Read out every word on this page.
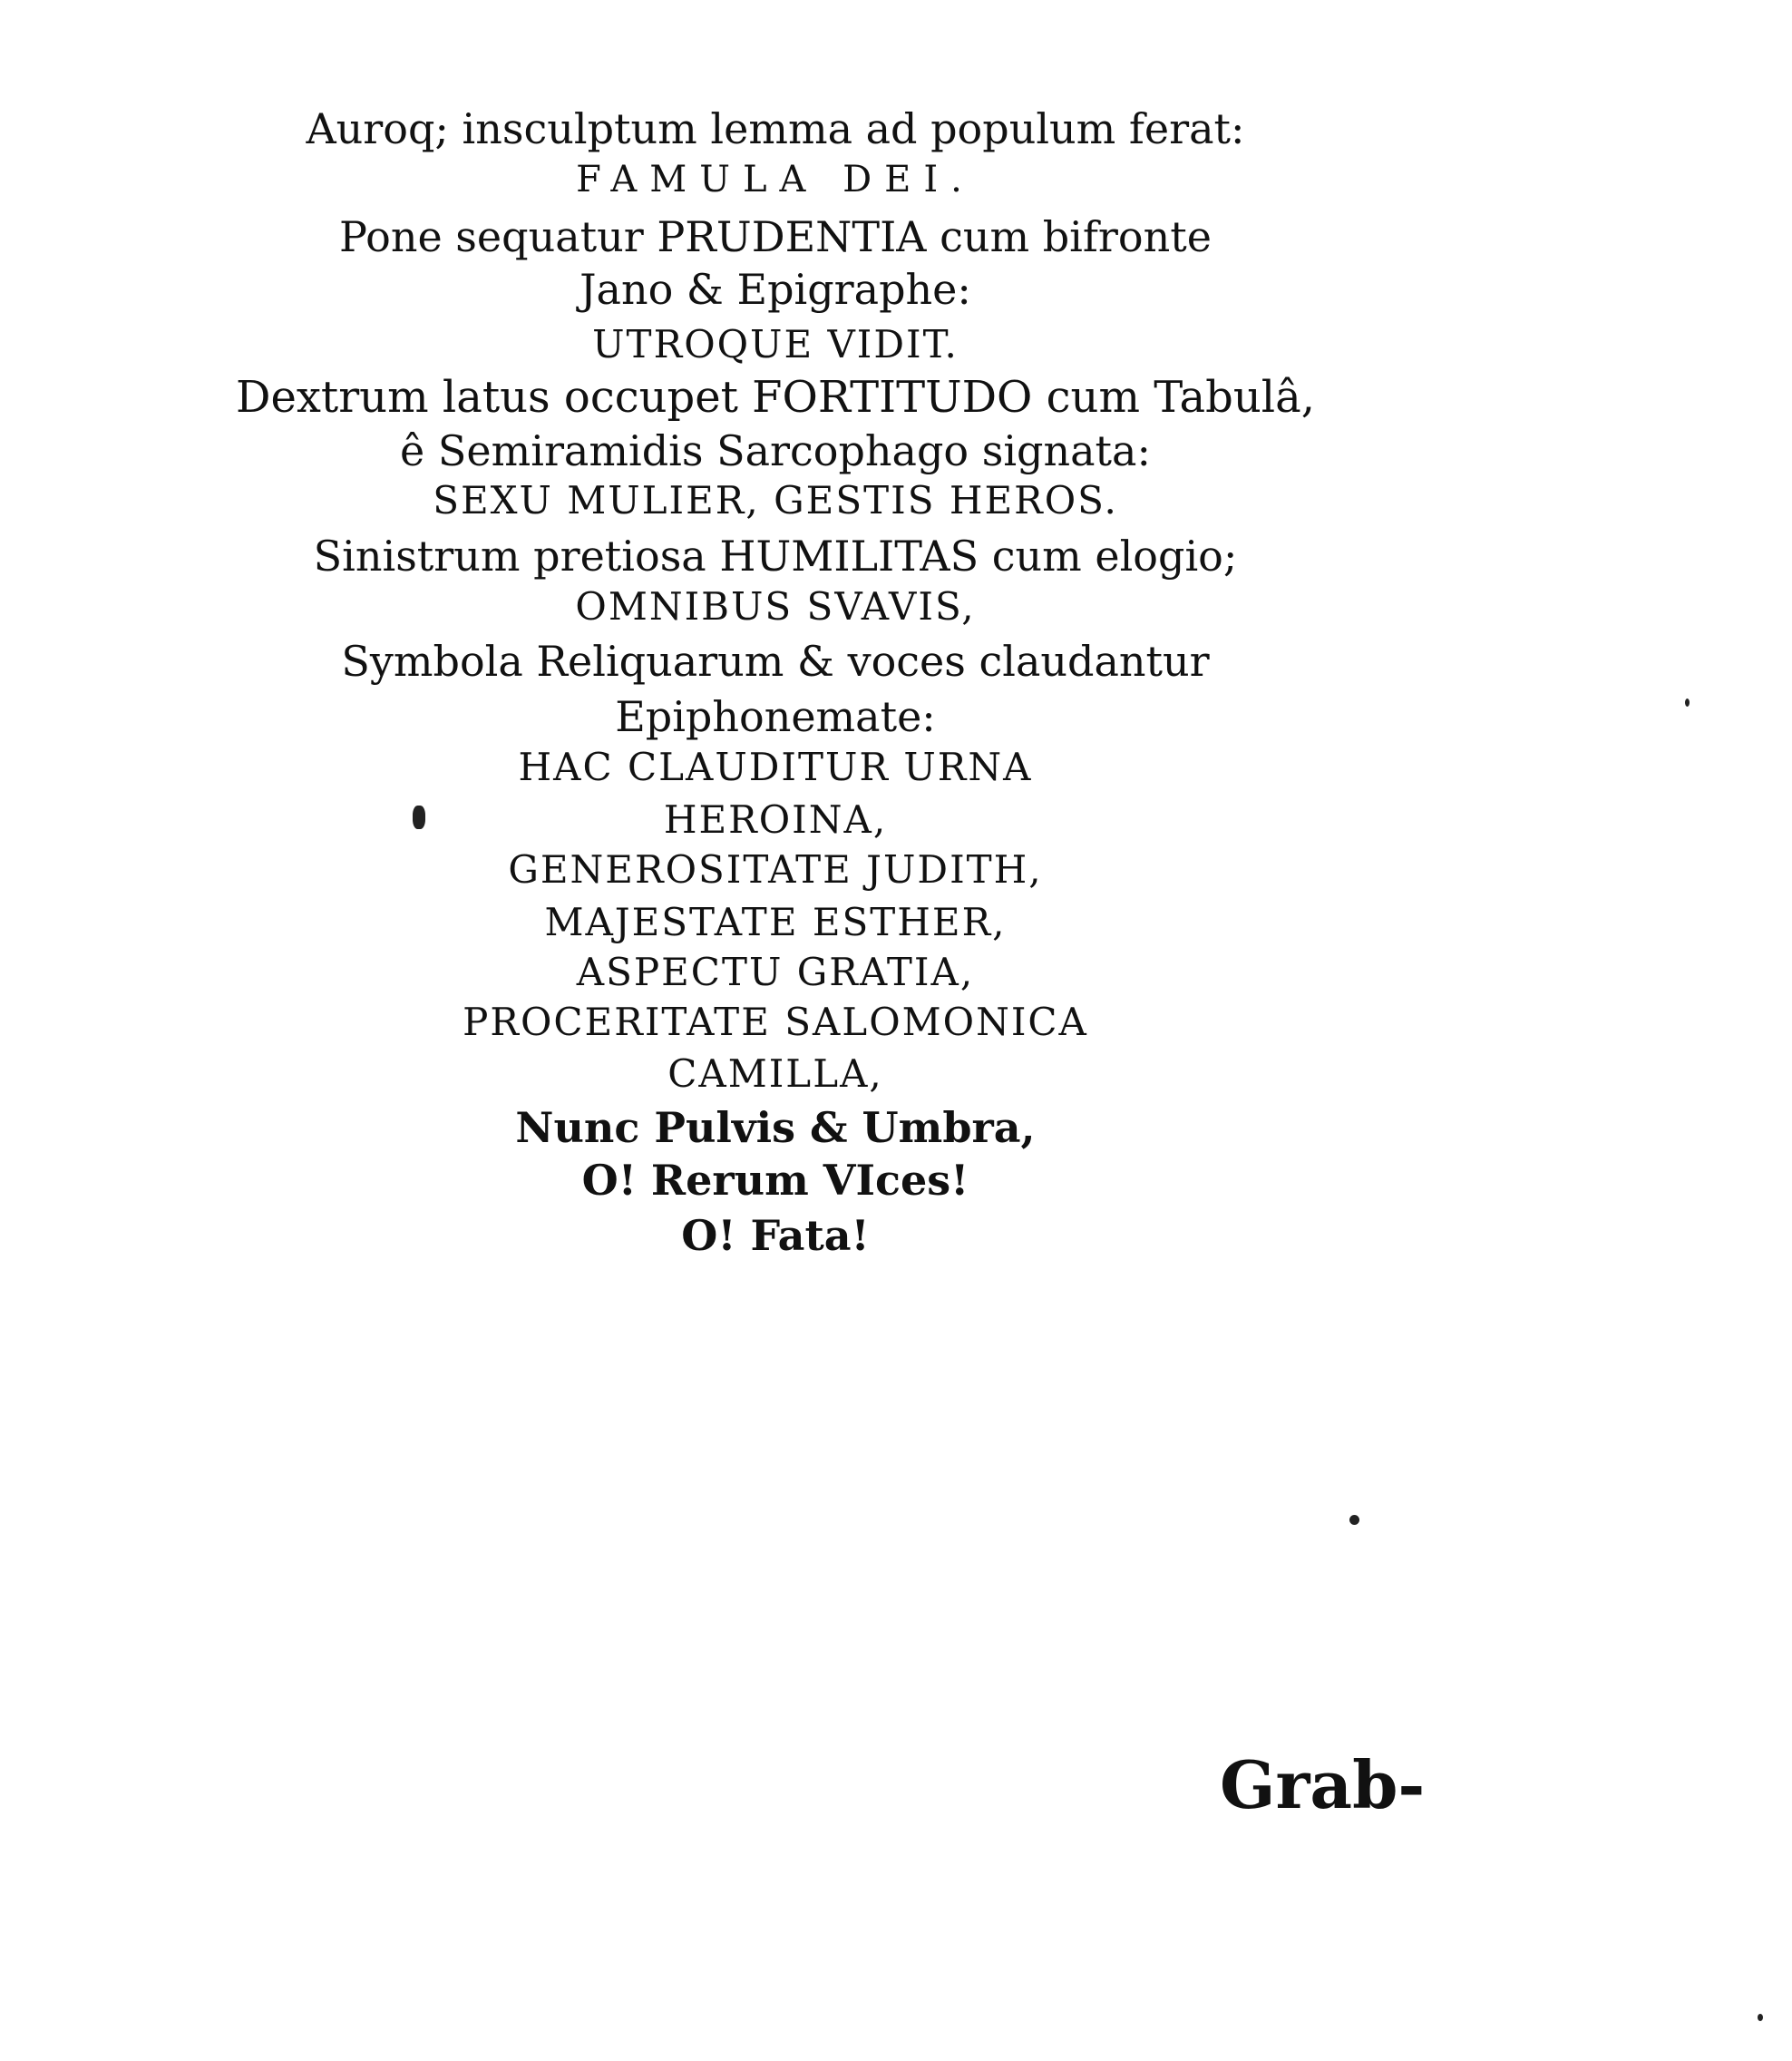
Auroq; insculptum lemma ad populum ferat:
FAMULA DEI.
Pone sequatur PRUDENTIA cum bifronte
Jano & Epigraphe:
UTROQUE VIDIT.
Dextrum latus occupet FORTITUDO cum Tabulâ,
ê Semiramidis Sarcophago signata:
SEXU MULIER, GESTIS HEROS.
Sinistrum pretiosa HUMILITAS cum elogio;
OMNIBUS SVAVIS,
Symbola Reliquarum & voces claudantur
Epiphonemate:
HAC CLAUDITUR URNA
HEROINA,
GENEROSITATE JUDITH,
MAJESTATE ESTHER,
ASPECTU GRATIA,
PROCERITATE SALOMONICA
CAMILLA,
Nunc Pulvis & Umbra,
O! Rerum VIces!
O! Fata!
Grab-
